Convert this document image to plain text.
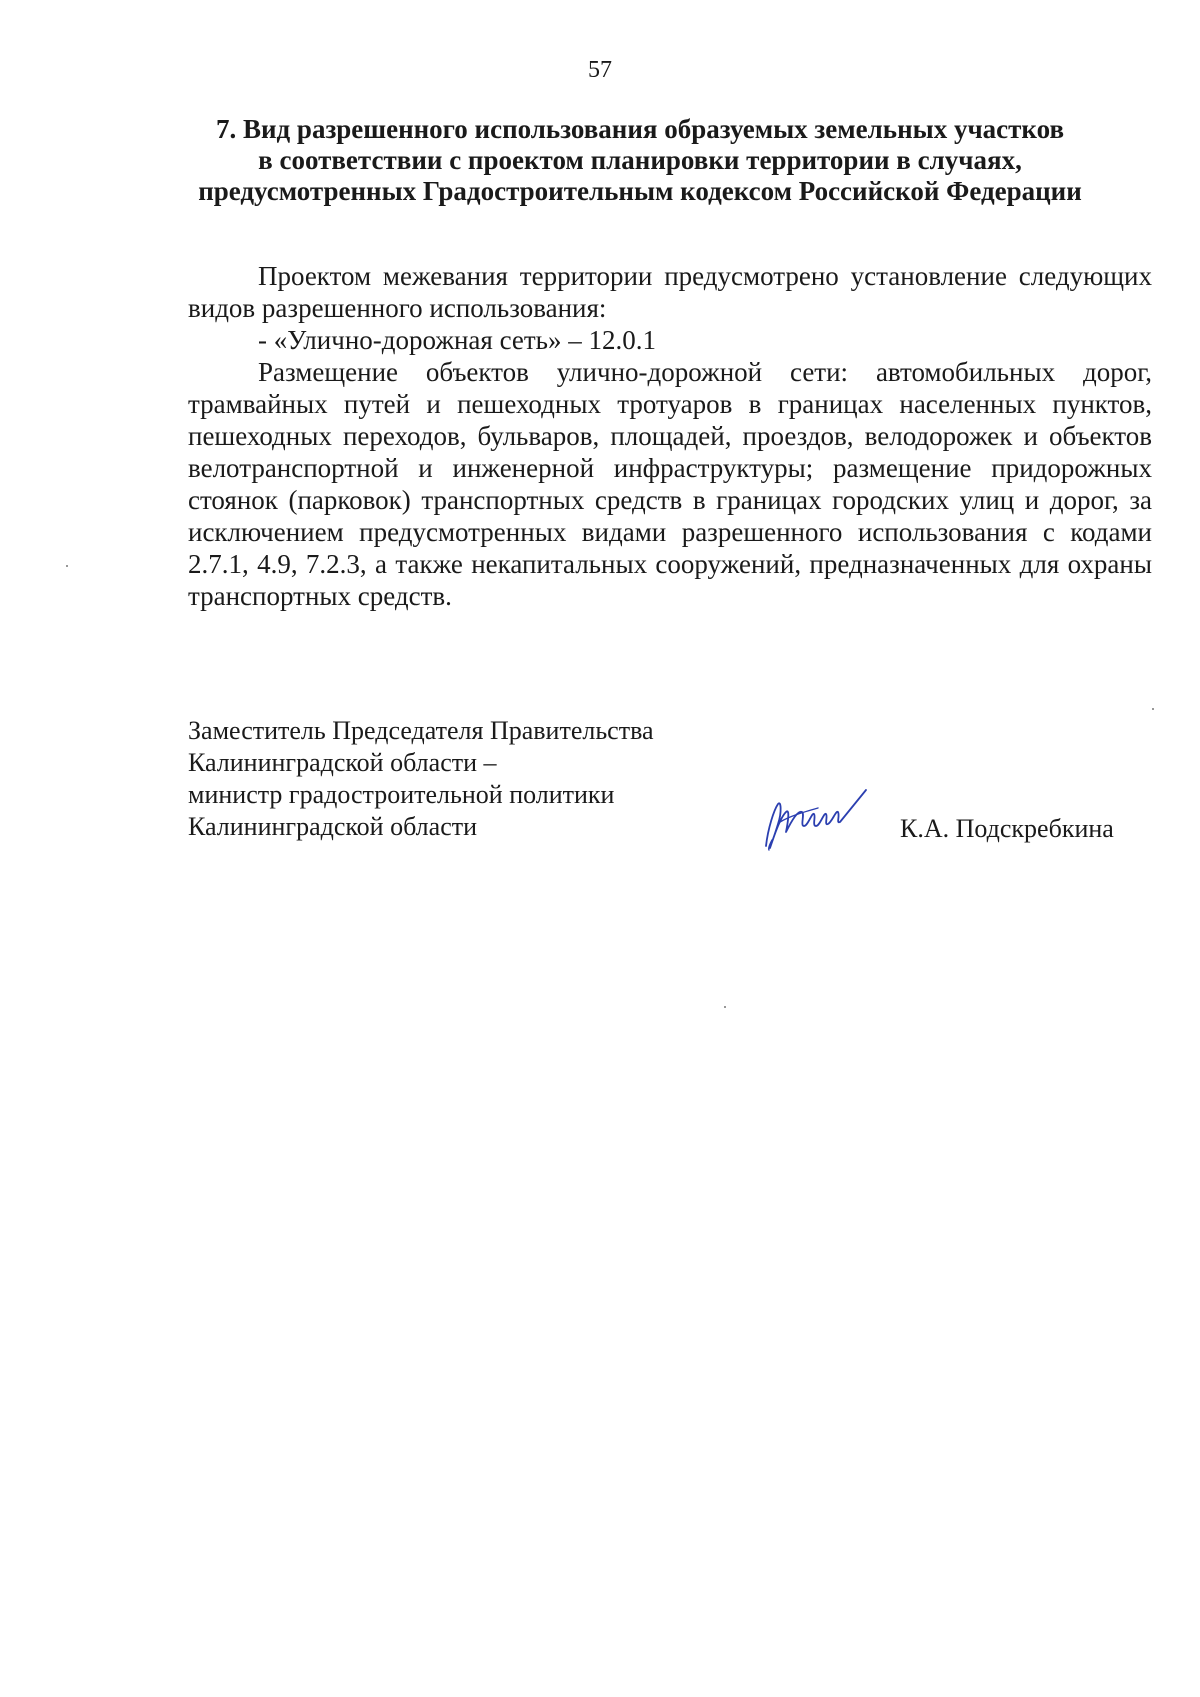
57
7. Вид разрешенного использования образуемых земельных участков
в соответствии с проектом планировки территории в случаях,
предусмотренных Градостроительным кодексом Российской Федерации

Проектом межевания территории предусмотрено установление следующих видов разрешенного использования:

- «Улично-дорожная сеть» – 12.0.1

Размещение объектов улично-дорожной сети: автомобильных дорог, трамвайных путей и пешеходных тротуаров в границах населенных пунктов, пешеходных переходов, бульваров, площадей, проездов, велодорожек и объектов велотранспортной и инженерной инфраструктуры; размещение придорожных стоянок (парковок) транспортных средств в границах городских улиц и дорог, за исключением предусмотренных видами разрешенного использования с кодами 2.7.1, 4.9, 7.2.3, а также некапитальных сооружений, предназначенных для охраны транспортных средств.

Заместитель Председателя Правительства
Калининградской области –
министр градостроительной политики
Калининградской области	К.А. Подскребкина
